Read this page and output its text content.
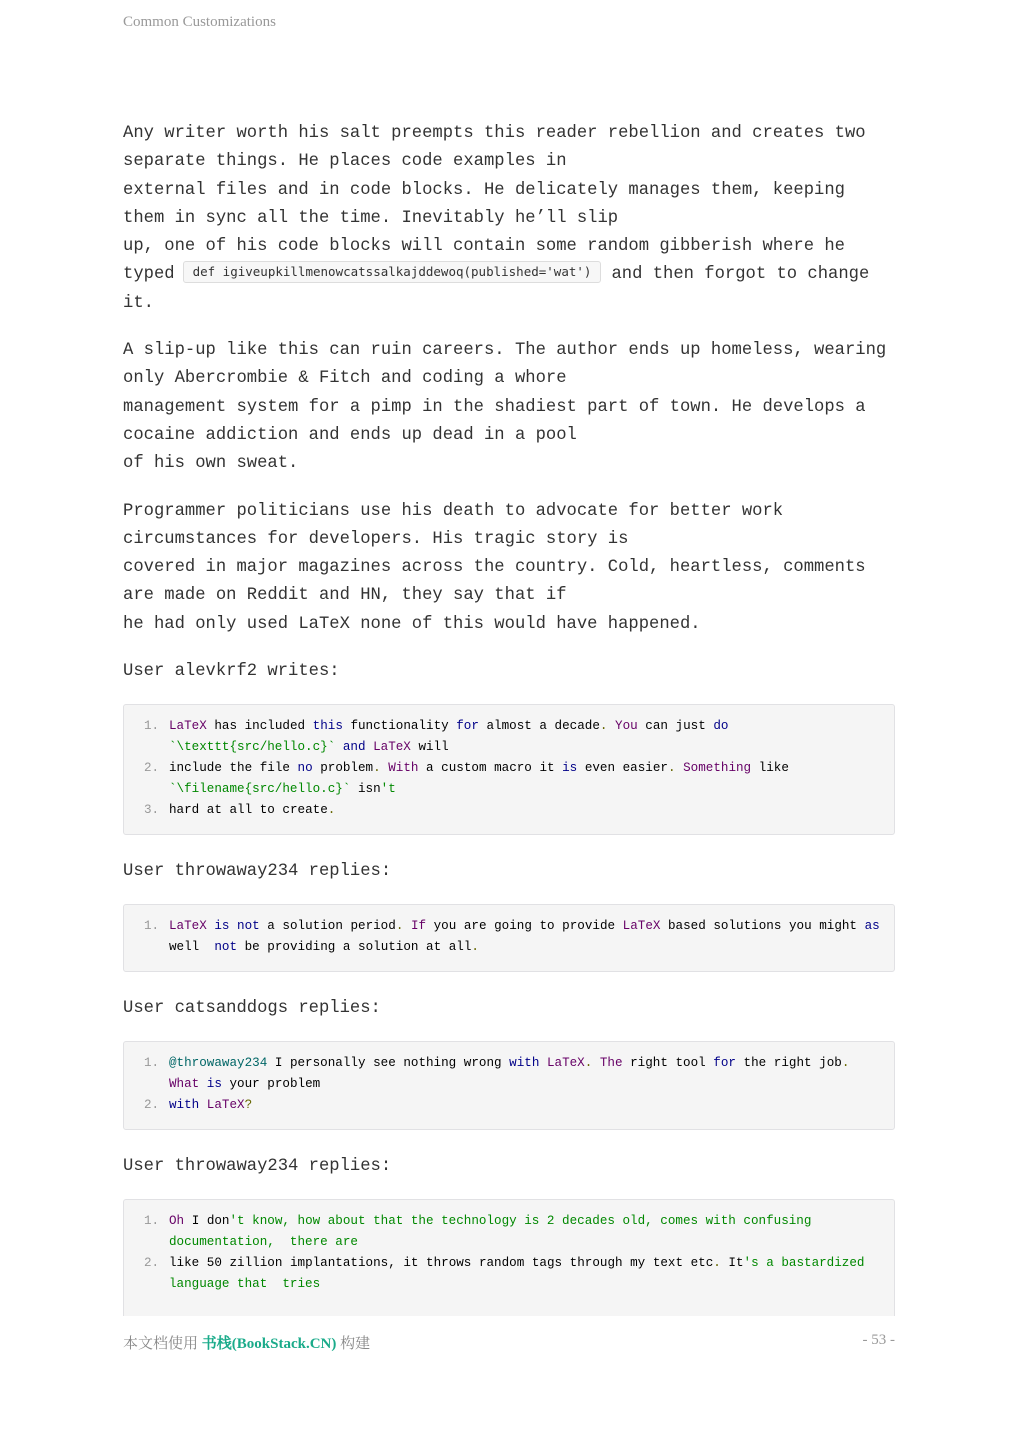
Common Customizations

Any writer worth his salt preempts this reader rebellion and creates two
separate things. He places code examples in
external files and in code blocks. He delicately manages them, keeping
them in sync all the time. Inevitably he’ll slip
up, one of his code blocks will contain some random gibberish where he
typed def igiveupkillmenowcatssalkajddewoq(published='wat') and then forgot to change
it.

A slip-up like this can ruin careers. The author ends up homeless, wearing
only Abercrombie & Fitch and coding a whore
management system for a pimp in the shadiest part of town. He develops a
cocaine addiction and ends up dead in a pool
of his own sweat.

Programmer politicians use his death to advocate for better work
circumstances for developers. His tragic story is
covered in major magazines across the country. Cold, heartless, comments
are made on Reddit and HN, they say that if
he had only used LaTeX none of this would have happened.

User alevkrf2 writes:

1. LaTeX has included this functionality for almost a decade. You can just do `\texttt{src/hello.c}` and LaTeX will
2. include the file no problem. With a custom macro it is even easier. Something like `\filename{src/hello.c}` isn't
3. hard at all to create.

User throwaway234 replies:

1. LaTeX is not a solution period. If you are going to provide LaTeX based solutions you might as well not be providing a solution at all.

User catsanddogs replies:

1. @throwaway234 I personally see nothing wrong with LaTeX. The right tool for the right job. What is your problem
2. with LaTeX?

User throwaway234 replies:

1. Oh I don't know, how about that the technology is 2 decades old, comes with confusing documentation,  there are
2. like 50 zillion implantations, it throws random tags through my text etc. It's a bastardized language that  tries
本文档使用 书栈(BookStack.CN) 构建	- 53 -
